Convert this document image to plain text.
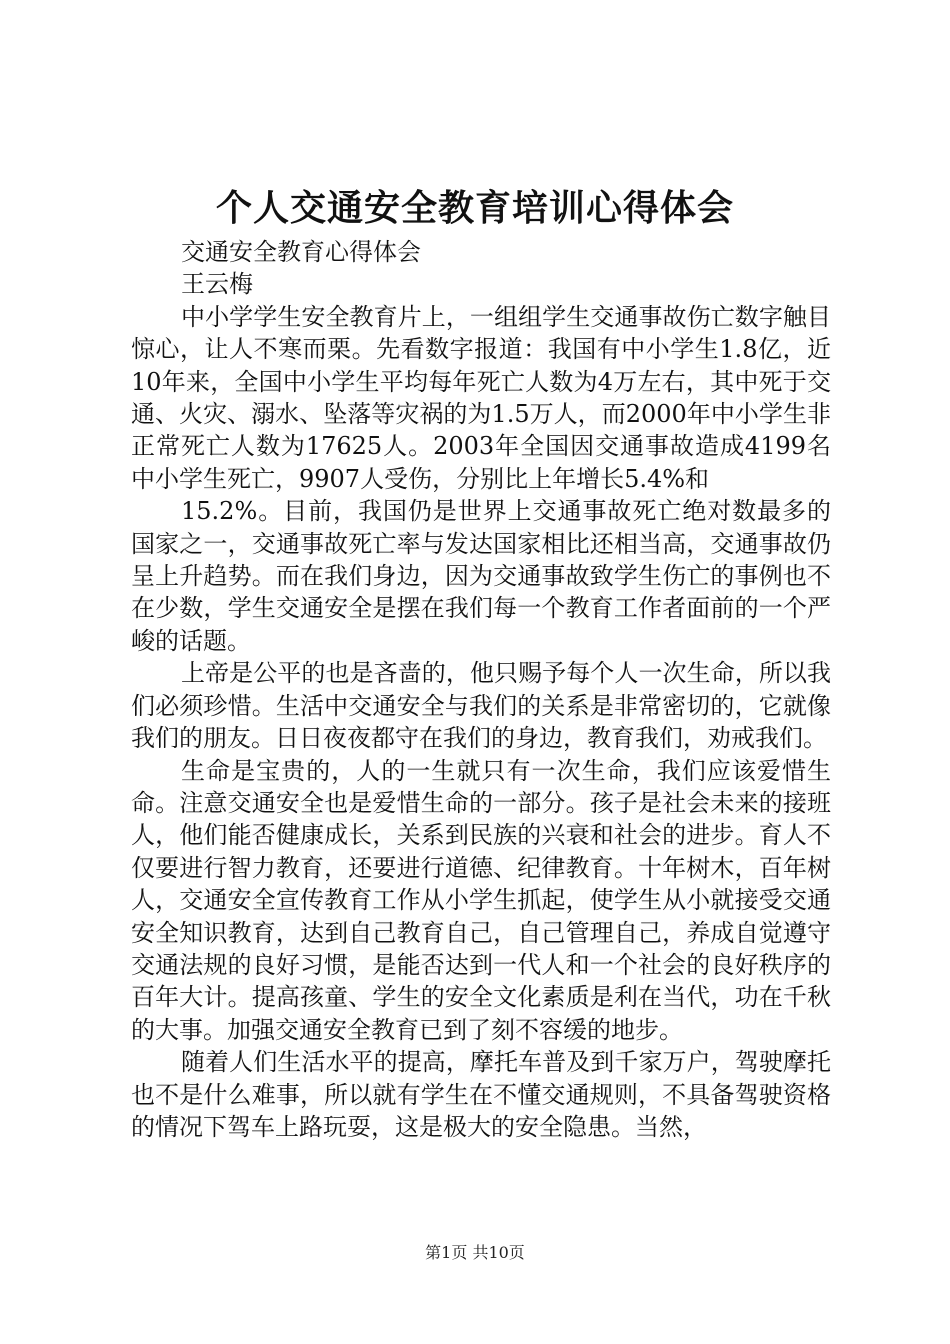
个人交通安全教育培训心得体会

交通安全教育心得体会

王云梅

中小学学生安全教育片上，一组组学生交通事故伤亡数字触目惊心，让人不寒而栗。先看数字报道：我国有中小学生1.8亿，近10年来，全国中小学生平均每年死亡人数为4万左右，其中死于交通、火灾、溺水、坠落等灾祸的为1.5万人，而2000年中小学生非正常死亡人数为17625人。2003年全国因交通事故造成4199名中小学生死亡，9907人受伤，分别比上年增长5.4%和

15.2%。目前，我国仍是世界上交通事故死亡绝对数最多的国家之一，交通事故死亡率与发达国家相比还相当高，交通事故仍呈上升趋势。而在我们身边，因为交通事故致学生伤亡的事例也不在少数，学生交通安全是摆在我们每一个教育工作者面前的一个严峻的话题。

上帝是公平的也是吝啬的，他只赐予每个人一次生命，所以我们必须珍惜。生活中交通安全与我们的关系是非常密切的，它就像我们的朋友。日日夜夜都守在我们的身边，教育我们，劝戒我们。

生命是宝贵的，人的一生就只有一次生命，我们应该爱惜生命。注意交通安全也是爱惜生命的一部分。孩子是社会未来的接班人，他们能否健康成长，关系到民族的兴衰和社会的进步。育人不仅要进行智力教育，还要进行道德、纪律教育。十年树木，百年树人，交通安全宣传教育工作从小学生抓起，使学生从小就接受交通安全知识教育，达到自己教育自己，自己管理自己，养成自觉遵守交通法规的良好习惯，是能否达到一代人和一个社会的良好秩序的百年大计。提高孩童、学生的安全文化素质是利在当代，功在千秋的大事。加强交通安全教育已到了刻不容缓的地步。

随着人们生活水平的提高，摩托车普及到千家万户，驾驶摩托也不是什么难事，所以就有学生在不懂交通规则，不具备驾驶资格的情况下驾车上路玩耍，这是极大的安全隐患。当然，

第1页 共10页
